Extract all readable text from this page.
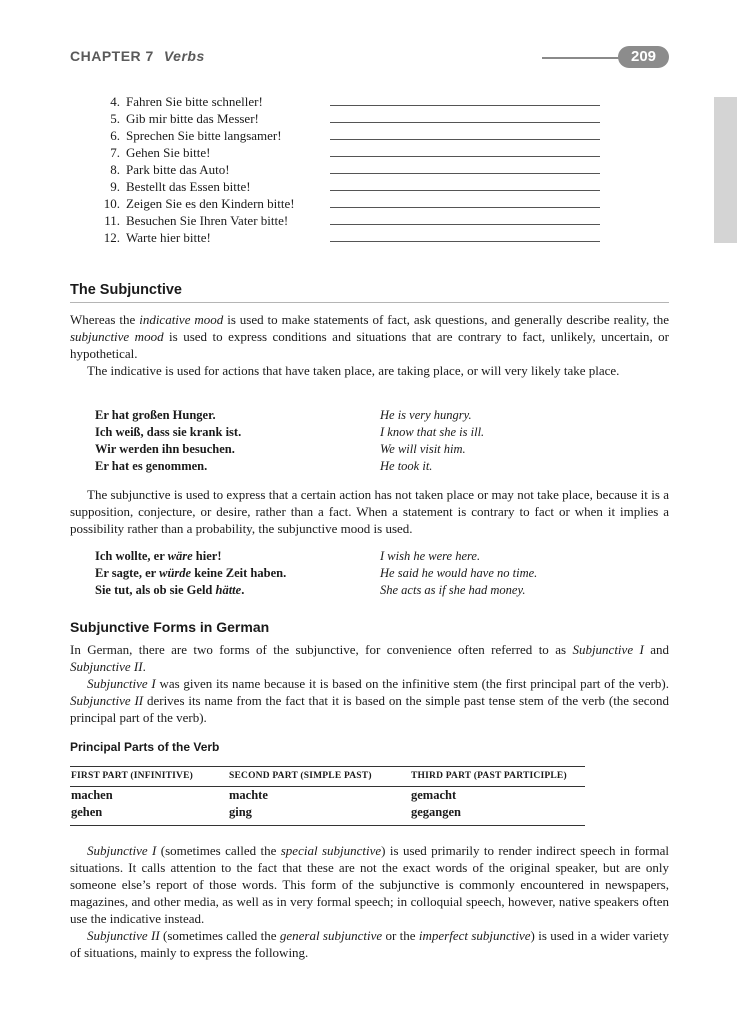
CHAPTER 7 Verbs	209
4. Fahren Sie bitte schneller!
5. Gib mir bitte das Messer!
6. Sprechen Sie bitte langsamer!
7. Gehen Sie bitte!
8. Park bitte das Auto!
9. Bestellt das Essen bitte!
10. Zeigen Sie es den Kindern bitte!
11. Besuchen Sie Ihren Vater bitte!
12. Warte hier bitte!
The Subjunctive

Whereas the indicative mood is used to make statements of fact, ask questions, and generally describe reality, the subjunctive mood is used to express conditions and situations that are contrary to fact, unlikely, uncertain, or hypothetical.

The indicative is used for actions that have taken place, are taking place, or will very likely take place.

Er hat großen Hunger.	He is very hungry.
Ich weiß, dass sie krank ist.	I know that she is ill.
Wir werden ihn besuchen.	We will visit him.
Er hat es genommen.	He took it.

The subjunctive is used to express that a certain action has not taken place or may not take place, because it is a supposition, conjecture, or desire, rather than a fact. When a statement is contrary to fact or when it implies a possibility rather than a probability, the subjunctive mood is used.

Ich wollte, er wäre hier!	I wish he were here.
Er sagte, er würde keine Zeit haben.	He said he would have no time.
Sie tut, als ob sie Geld hätte.	She acts as if she had money.
Subjunctive Forms in German

In German, there are two forms of the subjunctive, for convenience often referred to as Subjunctive I and Subjunctive II.

Subjunctive I was given its name because it is based on the infinitive stem (the first principal part of the verb). Subjunctive II derives its name from the fact that it is based on the simple past tense stem of the verb (the second principal part of the verb).

Principal Parts of the Verb
FIRST PART (INFINITIVE)	SECOND PART (SIMPLE PAST)	THIRD PART (PAST PARTICIPLE)
machen	machte	gemacht
gehen	ging	gegangen

Subjunctive I (sometimes called the special subjunctive) is used primarily to render indirect speech in formal situations. It calls attention to the fact that these are not the exact words of the original speaker, but are only someone else’s report of those words. This form of the subjunctive is commonly encountered in newspapers, magazines, and other media, as well as in very formal speech; in colloquial speech, however, native speakers often use the indicative instead.

Subjunctive II (sometimes called the general subjunctive or the imperfect subjunctive) is used in a wider variety of situations, mainly to express the following.
